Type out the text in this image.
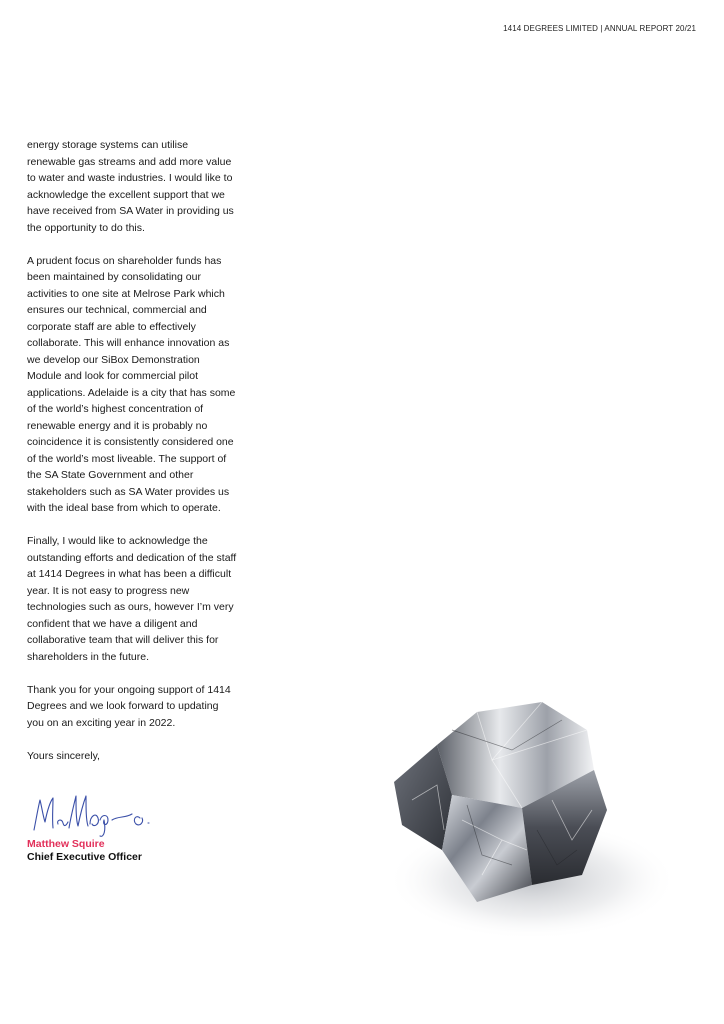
1414 DEGREES LIMITED | ANNUAL REPORT 20/21

energy storage systems can utilise renewable gas streams and add more value to water and waste industries. I would like to acknowledge the excellent support that we have received from SA Water in providing us the opportunity to do this.

A prudent focus on shareholder funds has been maintained by consolidating our activities to one site at Melrose Park which ensures our technical, commercial and corporate staff are able to effectively collaborate. This will enhance innovation as we develop our SiBox Demonstration Module and look for commercial pilot applications. Adelaide is a city that has some of the world’s highest concentration of renewable energy and it is probably no coincidence it is consistently considered one of the world’s most liveable. The support of the SA State Government and other stakeholders such as SA Water provides us with the ideal base from which to operate.

Finally, I would like to acknowledge the outstanding efforts and dedication of the staff at 1414 Degrees in what has been a difficult year. It is not easy to progress new technologies such as ours, however I’m very confident that we have a diligent and collaborative team that will deliver this for shareholders in the future.

Thank you for your ongoing support of 1414 Degrees and we look forward to updating you on an exciting year in 2022.

Yours sincerely,

Matthew Squire
Chief Executive Officer
